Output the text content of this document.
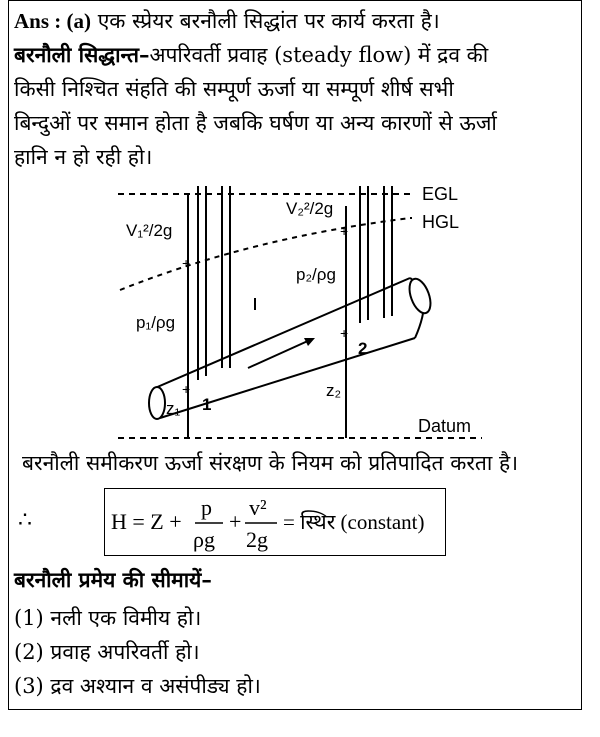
Ans : (a) एक स्प्रेयर बरनौली सिद्धांत पर कार्य करता है।
बरनौली सिद्धान्त–अपरिवर्ती प्रवाह (steady flow) में द्रव की
किसी निश्चित संहति की सम्पूर्ण ऊर्जा या सम्पूर्ण शीर्ष सभी
बिन्दुओं पर समान होता है जबकि घर्षण या अन्य कारणों से ऊर्जा
हानि न हो रही हो।
EGL
HGL
+
+
+
+
V₁²/2g
V₂²/2g
p₁/ρg
p₂/ρg
z₁
z₂
1
2
Datum
बरनौली समीकरण ऊर्जा संरक्षण के नियम को प्रतिपादित करता है।
∴	H = Z +
p
ρg
+
v²
2g
= स्थिर (constant)
बरनौली प्रमेय की सीमायें–
(1) नली एक विमीय हो।
(2) प्रवाह अपरिवर्ती हो।
(3) द्रव अश्यान व असंपीड्य हो।
